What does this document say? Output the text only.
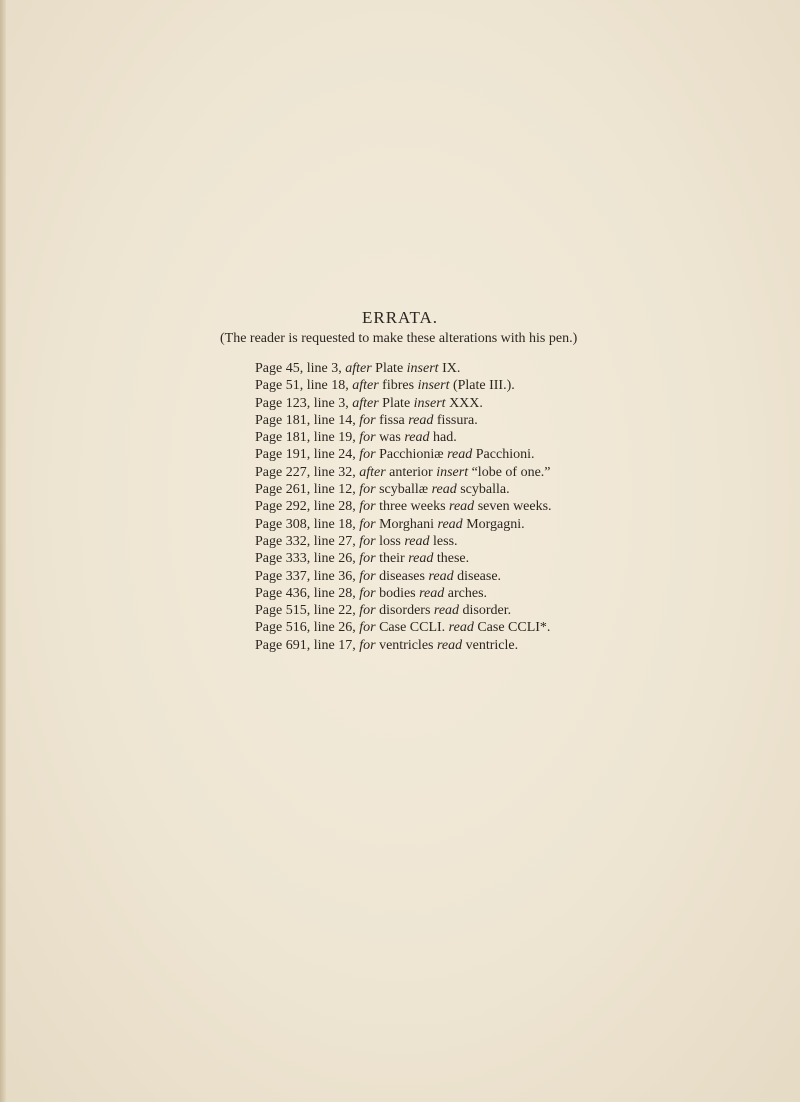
ERRATA.
(The reader is requested to make these alterations with his pen.)
Page 45, line 3, after Plate insert IX.
Page 51, line 18, after fibres insert (Plate III.).
Page 123, line 3, after Plate insert XXX.
Page 181, line 14, for fissa read fissura.
Page 181, line 19, for was read had.
Page 191, line 24, for Pacchioniæ read Pacchioni.
Page 227, line 32, after anterior insert “lobe of one.”
Page 261, line 12, for scyballæ read scyballa.
Page 292, line 28, for three weeks read seven weeks.
Page 308, line 18, for Morghani read Morgagni.
Page 332, line 27, for loss read less.
Page 333, line 26, for their read these.
Page 337, line 36, for diseases read disease.
Page 436, line 28, for bodies read arches.
Page 515, line 22, for disorders read disorder.
Page 516, line 26, for Case CCLI. read Case CCLI*.
Page 691, line 17, for ventricles read ventricle.
